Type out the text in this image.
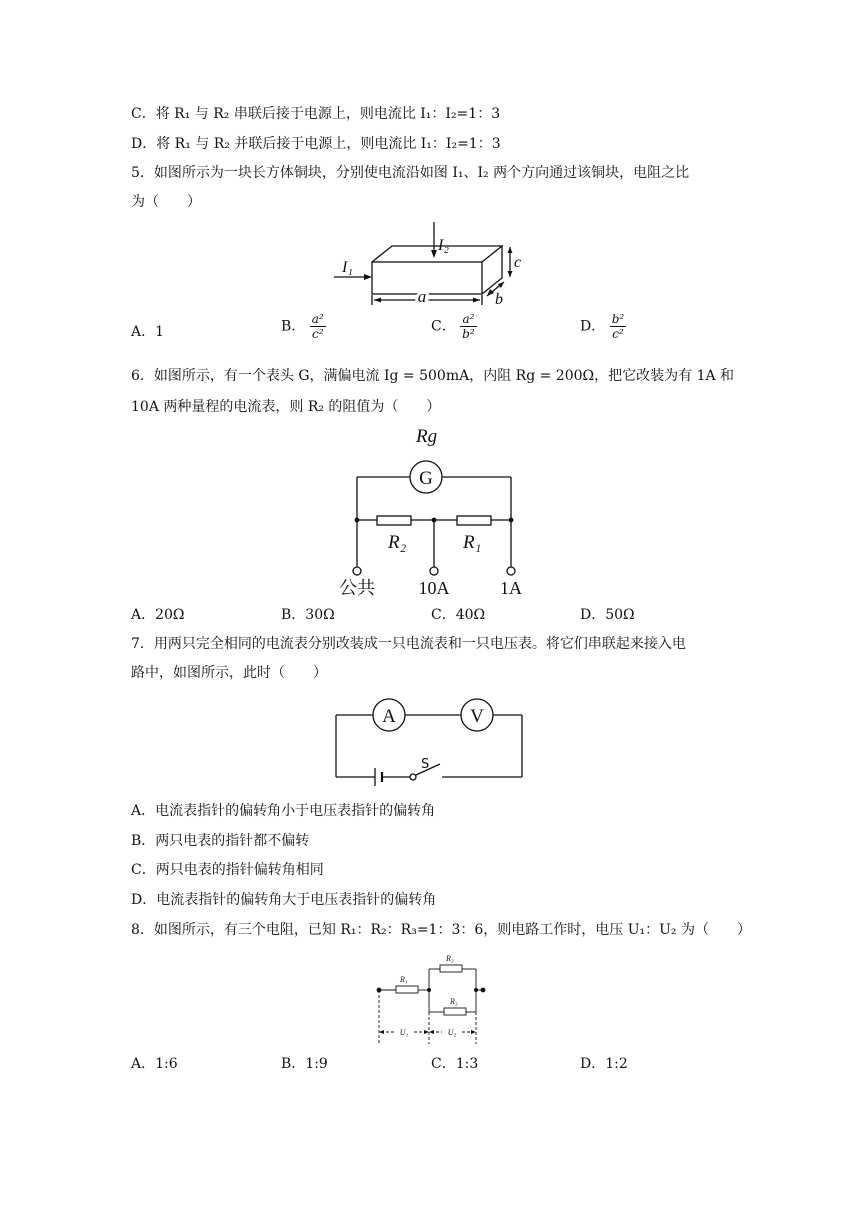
C．将 R₁ 与 R₂ 串联后接于电源上，则电流比 I₁：I₂=1：3
D．将 R₁ 与 R₂ 并联后接于电源上，则电流比 I₁：I₂=1：3
5．如图所示为一块长方体铜块，分别使电流沿如图 I₁、I₂ 两个方向通过该铜块，电阻之比
为（　　）
I₁
I₂
a
c
b
A．1	B． $\frac{\text{a²}}{\text{c²}}$	C． $\frac{\text{a²}}{\text{b²}}$	D． $\frac{\text{b²}}{\text{c²}}$
6．如图所示，有一个表头 G，满偏电流 Ig = 500mA，内阻 Rg = 200Ω，把它改装为有 1A 和
10A 两种量程的电流表，则 R₂ 的阻值为（　　）
Rg
G
R₂	R₁
公共 10A	1A
A．20Ω	B．30Ω	C．40Ω	D．50Ω
7．用两只完全相同的电流表分别改装成一只电流表和一只电压表。将它们串联起来接入电
路中，如图所示，此时（　　）
A	V
S
A．电流表指针的偏转角小于电压表指针的偏转角
B．两只电表的指针都不偏转
C．两只电表的指针偏转角相同
D．电流表指针的偏转角大于电压表指针的偏转角
8．如图所示，有三个电阻，已知 R₁：R₂：R₃=1：3：6，则电路工作时，电压 U₁：U₂ 为（　　）
R₁
R₂
R₃
U₁	U₂
A．1:6	B．1:9	C．1:3	D．1:2
